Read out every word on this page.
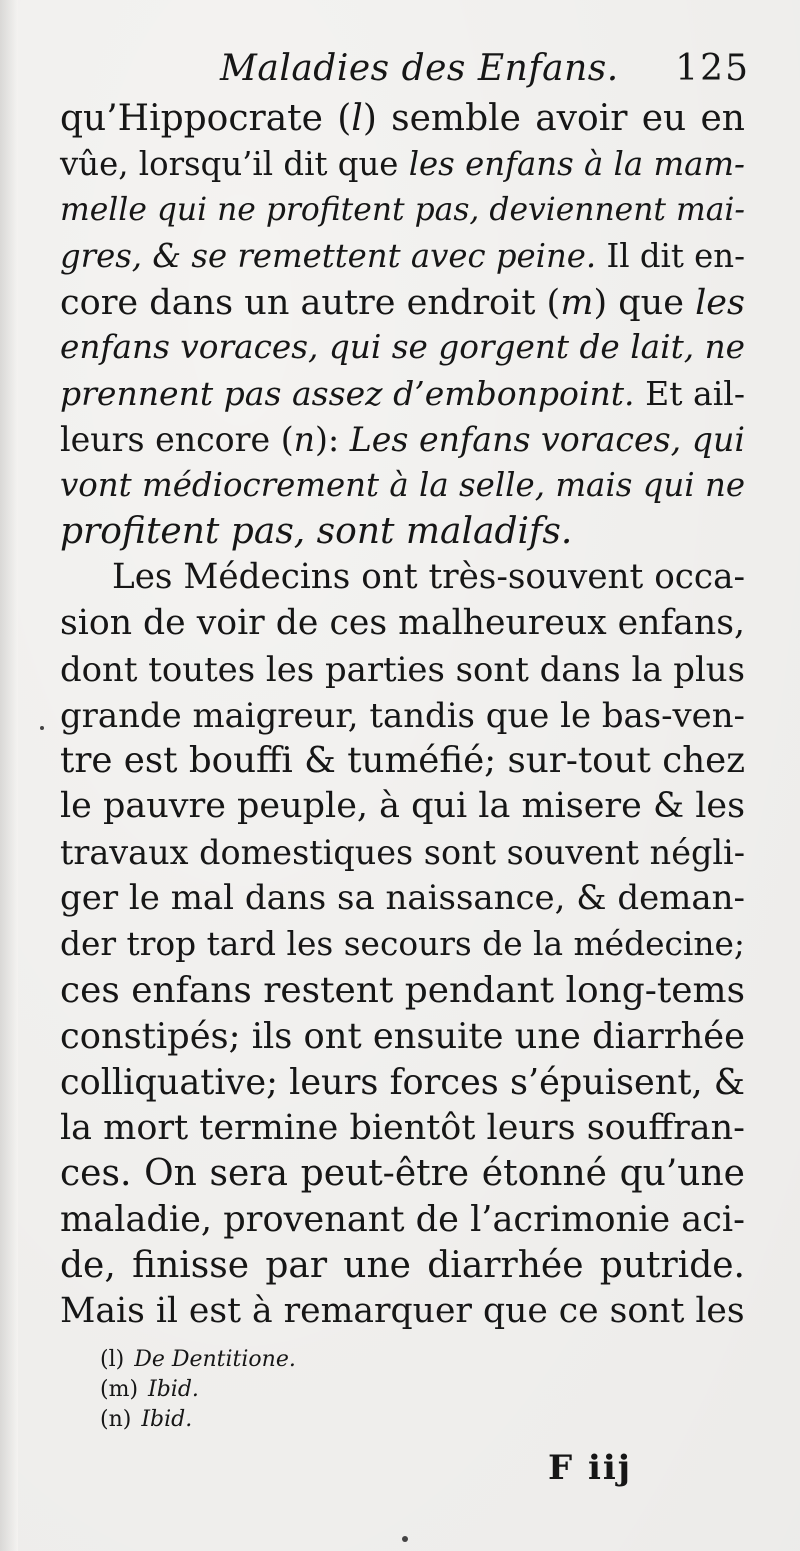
Maladies des Enfans. 125
qu’Hippocrate (l) semble avoir eu en
vûe, lorsqu’il dit que les enfans à la mam-
melle qui ne profitent pas, deviennent mai-
gres, & se remettent avec peine. Il dit en-
core dans un autre endroit (m) que les
enfans voraces, qui se gorgent de lait, ne
prennent pas assez d’embonpoint. Et ail-
leurs encore (n): Les enfans voraces, qui
vont médiocrement à la selle, mais qui ne
profitent pas, sont maladifs.
Les Médecins ont très-souvent occa-
sion de voir de ces malheureux enfans,
dont toutes les parties sont dans la plus
grande maigreur, tandis que le bas-ven-
tre est bouffi & tuméfié; sur-tout chez
le pauvre peuple, à qui la misere & les
travaux domestiques sont souvent négli-
ger le mal dans sa naissance, & deman-
der trop tard les secours de la médecine;
ces enfans restent pendant long-tems
constipés; ils ont ensuite une diarrhée
colliquative; leurs forces s’épuisent, &
la mort termine bientôt leurs souffran-
ces. On sera peut-être étonné qu’une
maladie, provenant de l’acrimonie aci-
de, finisse par une diarrhée putride.
Mais il est à remarquer que ce sont les
(l) De Dentitione.
(m) Ibid.
(n) Ibid.
F iij
